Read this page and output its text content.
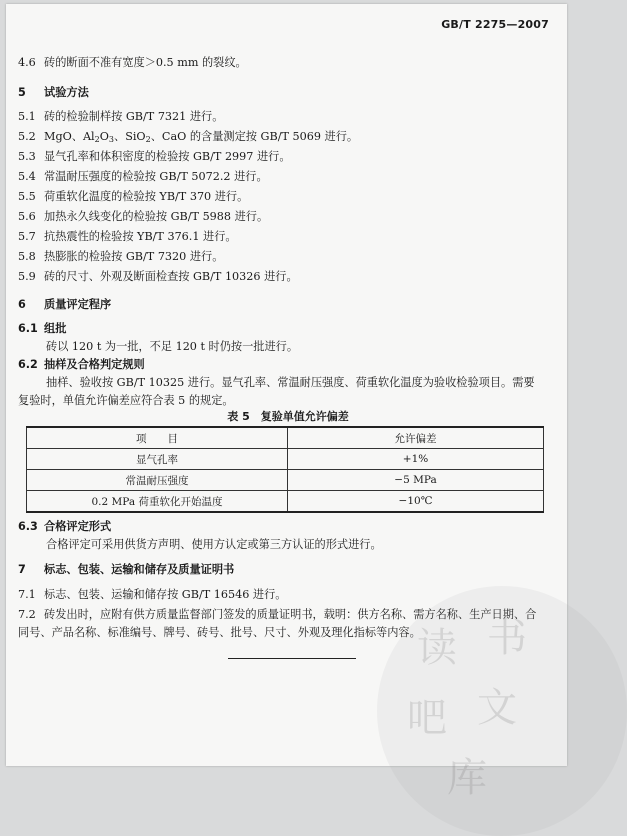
GB/T 2275—2007
4.6 砖的断面不准有宽度＞0.5 mm 的裂纹。
5 试验方法
5.1 砖的检验制样按 GB/T 7321 进行。
5.2 MgO、$Al_2O_3$、SiO$_2$、CaO 的含量测定按 GB/T 5069 进行。
5.3 显气孔率和体积密度的检验按 GB/T 2997 进行。
5.4 常温耐压强度的检验按 GB/T 5072.2 进行。
5.5 荷重软化温度的检验按 YB/T 370 进行。
5.6 加热永久线变化的检验按 GB/T 5988 进行。
5.7 抗热震性的检验按 YB/T 376.1 进行。
5.8 热膨胀的检验按 GB/T 7320 进行。
5.9 砖的尺寸、外观及断面检查按 GB/T 10326 进行。
6 质量评定程序
6.1 组批
砖以 120 t 为一批，不足 120 t 时仍按一批进行。
6.2 抽样及合格判定规则
抽样、验收按 GB/T 10325 进行。显气孔率、常温耐压强度、荷重软化温度为验收检验项目。需要
复验时，单值允许偏差应符合表 5 的规定。
表 5　复验单值允许偏差
项　　目	允许偏差
显气孔率	+1%
常温耐压强度	−5 MPa
0.2 MPa 荷重软化开始温度	−10℃
6.3 合格评定形式
合格评定可采用供货方声明、使用方认定或第三方认证的形式进行。
7 标志、包装、运输和储存及质量证明书
7.1 标志、包装、运输和储存按 GB/T 16546 进行。
7.2 砖发出时，应附有供方质量监督部门签发的质量证明书，载明：供方名称、需方名称、生产日期、合
同号、产品名称、标准编号、牌号、砖号、批号、尺寸、外观及理化指标等内容。
读 书
吧 文
库
